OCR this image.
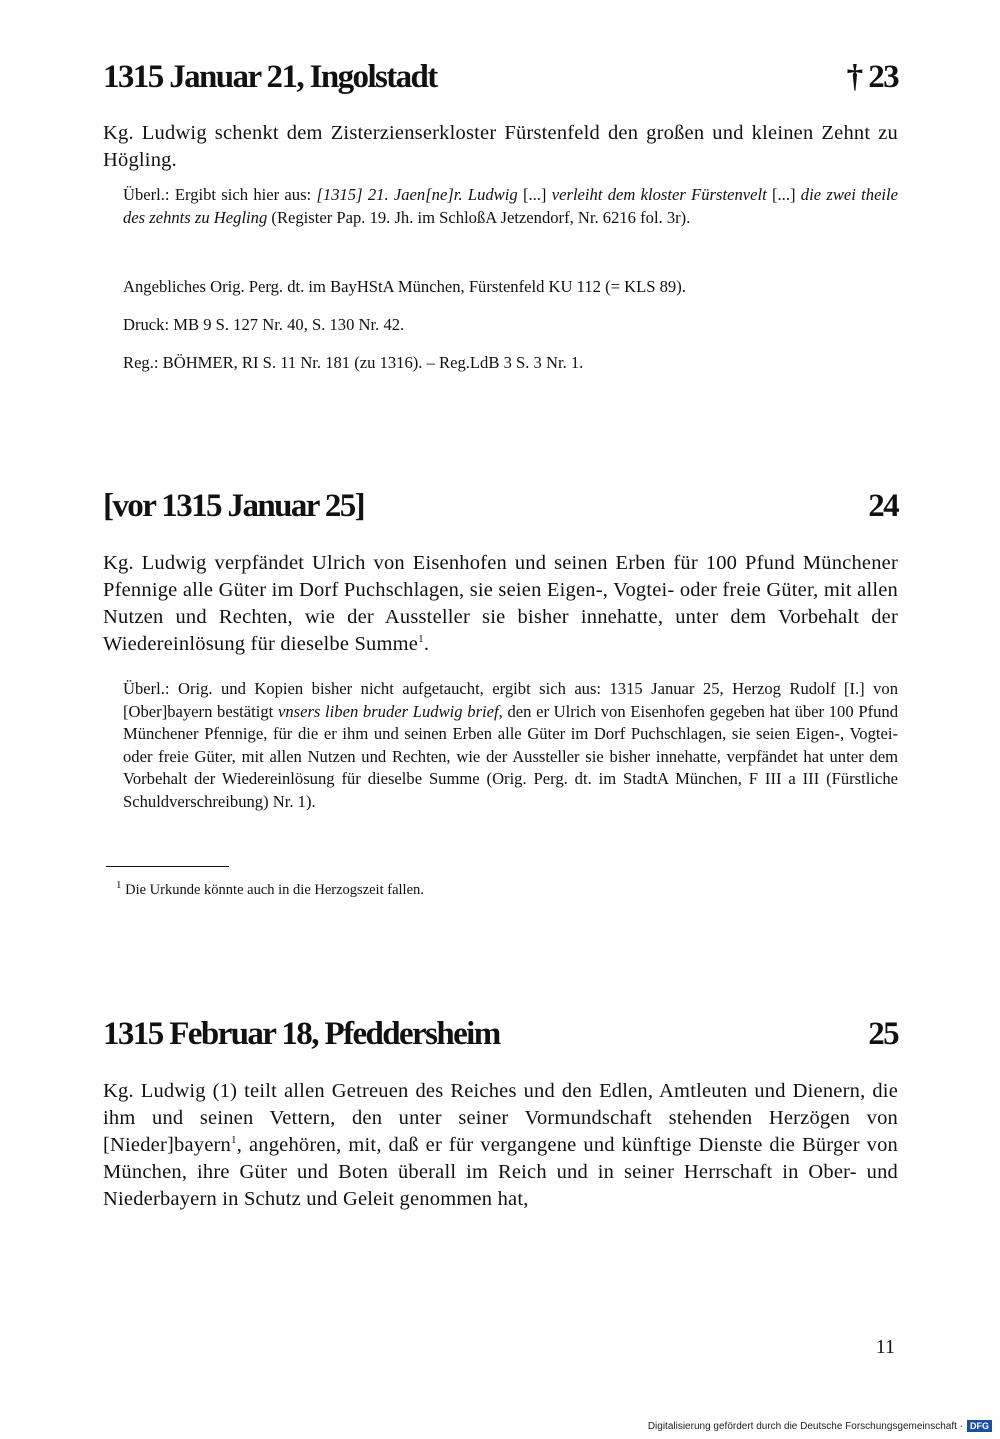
1315 Januar 21, Ingolstadt	† 23
Kg. Ludwig schenkt dem Zisterzienserkloster Fürstenfeld den großen und kleinen Zehnt zu Högling.
Überl.: Ergibt sich hier aus: [1315] 21. Jaen[ne]r. Ludwig [...] verleiht dem kloster Fürstenvelt [...] die zwei theile des zehnts zu Hegling (Register Pap. 19. Jh. im SchloßA Jetzendorf, Nr. 6216 fol. 3r).
Angebliches Orig. Perg. dt. im BayHStA München, Fürstenfeld KU 112 (= KLS 89).
Druck: MB 9 S. 127 Nr. 40, S. 130 Nr. 42.
Reg.: BÖHMER, RI S. 11 Nr. 181 (zu 1316). – Reg.LdB 3 S. 3 Nr. 1.
[vor 1315 Januar 25]	24
Kg. Ludwig verpfändet Ulrich von Eisenhofen und seinen Erben für 100 Pfund Münchener Pfennige alle Güter im Dorf Puchschlagen, sie seien Eigen-, Vogtei- oder freie Güter, mit allen Nutzen und Rechten, wie der Aussteller sie bisher innehatte, unter dem Vorbehalt der Wiedereinlösung für dieselbe Summe$^1$.
Überl.: Orig. und Kopien bisher nicht aufgetaucht, ergibt sich aus: 1315 Januar 25, Herzog Rudolf [I.] von [Ober]bayern bestätigt vnsers liben bruder Ludwig brief, den er Ulrich von Eisenhofen gegeben hat über 100 Pfund Münchener Pfennige, für die er ihm und seinen Erben alle Güter im Dorf Puchschlagen, sie seien Eigen-, Vogtei- oder freie Güter, mit allen Nutzen und Rechten, wie der Aussteller sie bisher innehatte, verpfändet hat unter dem Vorbehalt der Wiedereinlösung für dieselbe Summe (Orig. Perg. dt. im StadtA München, F III a III (Fürstliche Schuldverschreibung) Nr. 1).
$^1$ Die Urkunde könnte auch in die Herzogszeit fallen.
1315 Februar 18, Pfeddersheim	25
Kg. Ludwig (1) teilt allen Getreuen des Reiches und den Edlen, Amtleuten und Dienern, die ihm und seinen Vettern, den unter seiner Vormundschaft stehenden Herzögen von [Nieder]bayern$^1$, angehören, mit, daß er für vergangene und künftige Dienste die Bürger von München, ihre Güter und Boten überall im Reich und in seiner Herrschaft in Ober- und Niederbayern in Schutz und Geleit genommen hat,
11
Digitalisierung gefördert durch die Deutsche Forschungsgemeinschaft · DFG
